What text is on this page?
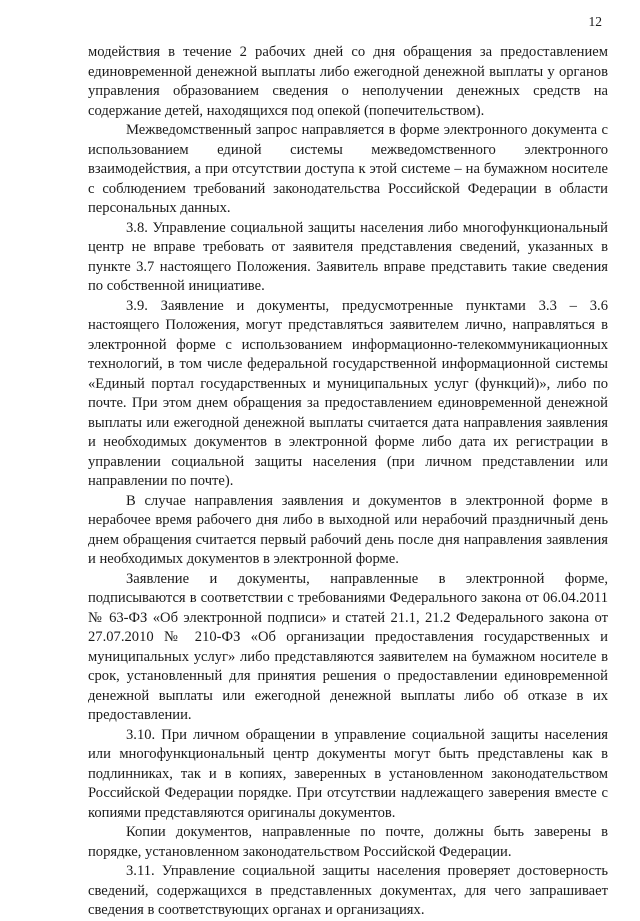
12

модействия в течение 2 рабочих дней со дня обращения за предоставлением единовременной денежной выплаты либо ежегодной денежной выплаты у органов управления образованием сведения о неполучении денежных средств на содержание детей, находящихся под опекой (попечительством).

Межведомственный запрос направляется в форме электронного документа с использованием единой системы межведомственного электронного взаимодействия, а при отсутствии доступа к этой системе – на бумажном носителе с соблюдением требований законодательства Российской Федерации в области персональных данных.

3.8. Управление социальной защиты населения либо многофункциональный центр не вправе требовать от заявителя представления сведений, указанных в пункте 3.7 настоящего Положения. Заявитель вправе представить такие сведения по собственной инициативе.

3.9. Заявление и документы, предусмотренные пунктами 3.3 – 3.6 настоящего Положения, могут представляться заявителем лично, направляться в электронной форме с использованием информационно-телекоммуникационных технологий, в том числе федеральной государственной информационной системы «Единый портал государственных и муниципальных услуг (функций)», либо по почте. При этом днем обращения за предоставлением единовременной денежной выплаты или ежегодной денежной выплаты считается дата направления заявления и необходимых документов в электронной форме либо дата их регистрации в управлении социальной защиты населения (при личном представлении или направлении по почте).

В случае направления заявления и документов в электронной форме в нерабочее время рабочего дня либо в выходной или нерабочий праздничный день днем обращения считается первый рабочий день после дня направления заявления и необходимых документов в электронной форме.

Заявление и документы, направленные в электронной форме, подписываются в соответствии с требованиями Федерального закона от 06.04.2011 № 63-ФЗ «Об электронной подписи» и статей 21.1, 21.2 Федерального закона от 27.07.2010 № 210-ФЗ «Об организации предоставления государственных и муниципальных услуг» либо представляются заявителем на бумажном носителе в срок, установленный для принятия решения о предоставлении единовременной денежной выплаты или ежегодной денежной выплаты либо об отказе в их предоставлении.

3.10. При личном обращении в управление социальной защиты населения или многофункциональный центр документы могут быть представлены как в подлинниках, так и в копиях, заверенных в установленном законодательством Российской Федерации порядке. При отсутствии надлежащего заверения вместе с копиями представляются оригиналы документов.

Копии документов, направленные по почте, должны быть заверены в порядке, установленном законодательством Российской Федерации.

3.11. Управление социальной защиты населения проверяет достоверность сведений, содержащихся в представленных документах, для чего запрашивает сведения в соответствующих органах и организациях.
